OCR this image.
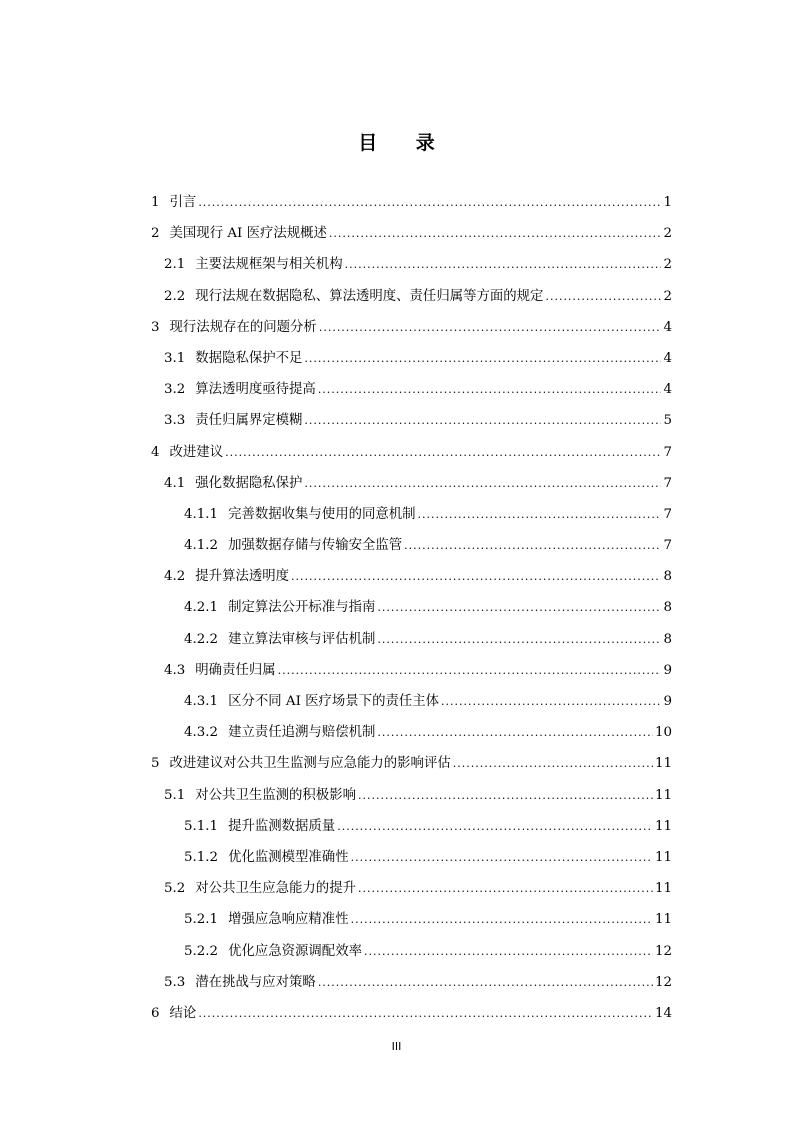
目 录
1 引言 .....	1
2 美国现行 AI 医疗法规概述 .....	2
2.1 主要法规框架与相关机构 .....	2
2.2 现行法规在数据隐私、算法透明度、责任归属等方面的规定 .....	2
3 现行法规存在的问题分析 .....	4
3.1 数据隐私保护不足 .....	4
3.2 算法透明度亟待提高 .....	4
3.3 责任归属界定模糊 .....	5
4 改进建议 .....	7
4.1 强化数据隐私保护 .....	7
4.1.1 完善数据收集与使用的同意机制 .....	7
4.1.2 加强数据存储与传输安全监管 .....	7
4.2 提升算法透明度 .....	8
4.2.1 制定算法公开标准与指南 .....	8
4.2.2 建立算法审核与评估机制 .....	8
4.3 明确责任归属 .....	9
4.3.1 区分不同 AI 医疗场景下的责任主体 .....	9
4.3.2 建立责任追溯与赔偿机制 .....	10
5 改进建议对公共卫生监测与应急能力的影响评估 .....	11
5.1 对公共卫生监测的积极影响 .....	11
5.1.1 提升监测数据质量 .....	11
5.1.2 优化监测模型准确性 .....	11
5.2 对公共卫生应急能力的提升 .....	11
5.2.1 增强应急响应精准性 .....	11
5.2.2 优化应急资源调配效率 .....	12
5.3 潜在挑战与应对策略 .....	12
6 结论 .....	14
III
